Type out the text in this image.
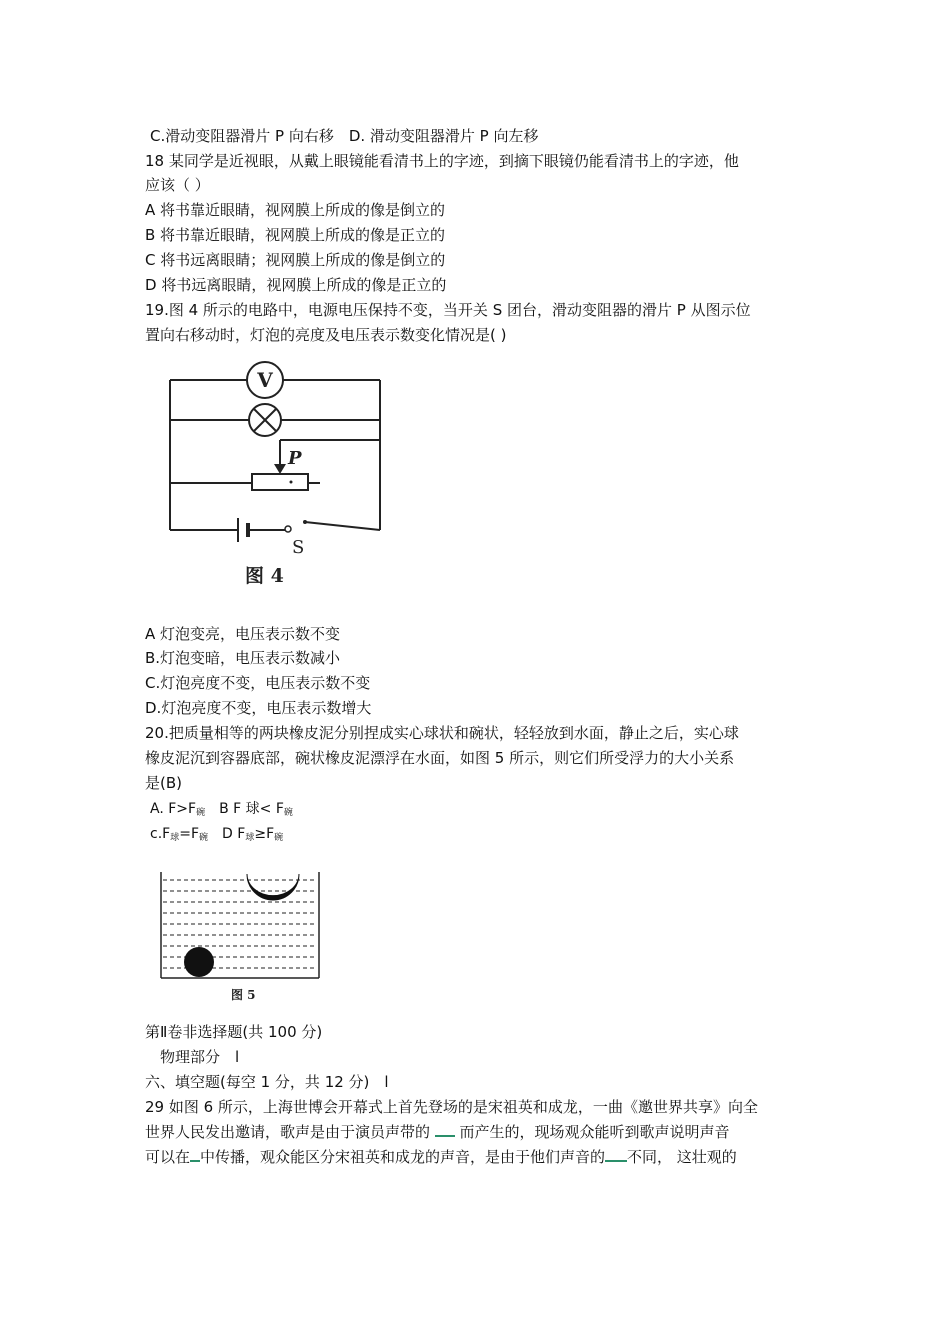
C.滑动变阻器滑片 P 向右移　D. 滑动变阻器滑片 P 向左移
18 某同学是近视眼，从戴上眼镜能看清书上的字迹，到摘下眼镜仍能看清书上的字迹，他
应该（ ）
A 将书靠近眼睛，视网膜上所成的像是倒立的
B 将书靠近眼睛，视网膜上所成的像是正立的
C 将书远离眼睛；视网膜上所成的像是倒立的
D 将书远离眼睛，视网膜上所成的像是正立的
19.图 4 所示的电路中，电源电压保持不变，当开关 S 团台，滑动变阻器的滑片 P 从图示位
置向右移动时，灯泡的亮度及电压表示数变化情况是( )
V
P
S
图 4
A 灯泡变亮，电压表示数不变
B.灯泡变暗，电压表示数减小
C.灯泡亮度不变，电压表示数不变
D.灯泡亮度不变，电压表示数增大
20.把质量相等的两块橡皮泥分别捏成实心球状和碗状，轻轻放到水面，静止之后，实心球
橡皮泥沉到容器底部，碗状橡皮泥漂浮在水面，如图 5 所示，则它们所受浮力的大小关系
是(B)
A. F>F碗　B F 球< F碗
c.F球=F碗　D F球≥F碗
图 5
第Ⅱ卷非选择题(共 100 分)
物理部分　l
六、填空题(每空 1 分，共 12 分)　l
29 如图 6 所示，上海世博会开幕式上首先登场的是宋祖英和成龙，一曲《邀世界共享》向全
世界人民发出邀请，歌声是由于演员声带的  而产生的，现场观众能听到歌声说明声音
可以在 中传播，观众能区分宋祖英和成龙的声音，是由于他们声音的 不同， 这壮观的
